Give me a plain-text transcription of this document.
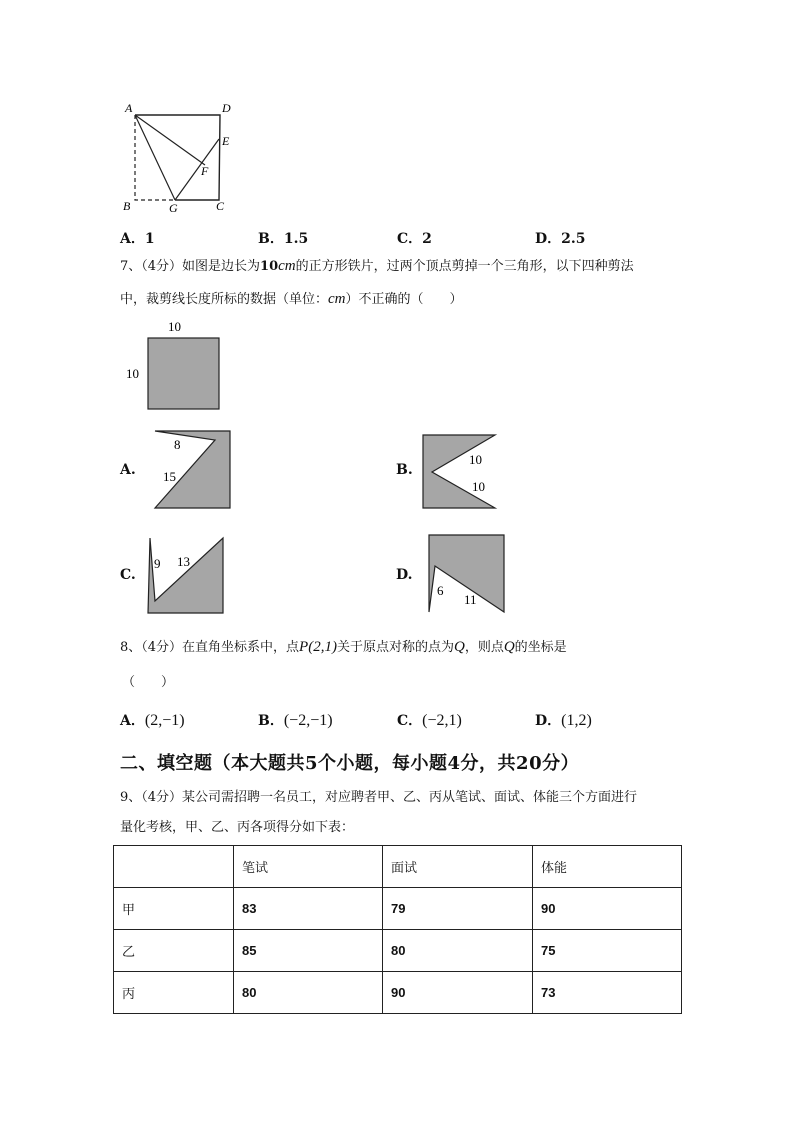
A	D
E
F
B	G	C
A．1	B．1.5	C．2	D．2.5
7、（4分）如图是边长为10cm的正方形铁片，过两个顶点剪掉一个三角形，以下四种剪法
中，裁剪线长度所标的数据（单位：cm）不正确的（　　）
10
10
A.
8
15	B.
10
10
C.
9 13
D.
6
11
8、（4分）在直角坐标系中，点P(2,1)关于原点对称的点为Q，则点Q的坐标是
（　　）
A．(2,−1)	B．(−2,−1)	C．(−2,1)	D．(1,2)
二、填空题（本大题共5个小题，每小题4分，共20分）
9、（4分）某公司需招聘一名员工，对应聘者甲、乙、丙从笔试、面试、体能三个方面进行
量化考核，甲、乙、丙各项得分如下表：
	笔试	面试	体能
甲	83	79	90
乙	85	80	75
丙	80	90	73
